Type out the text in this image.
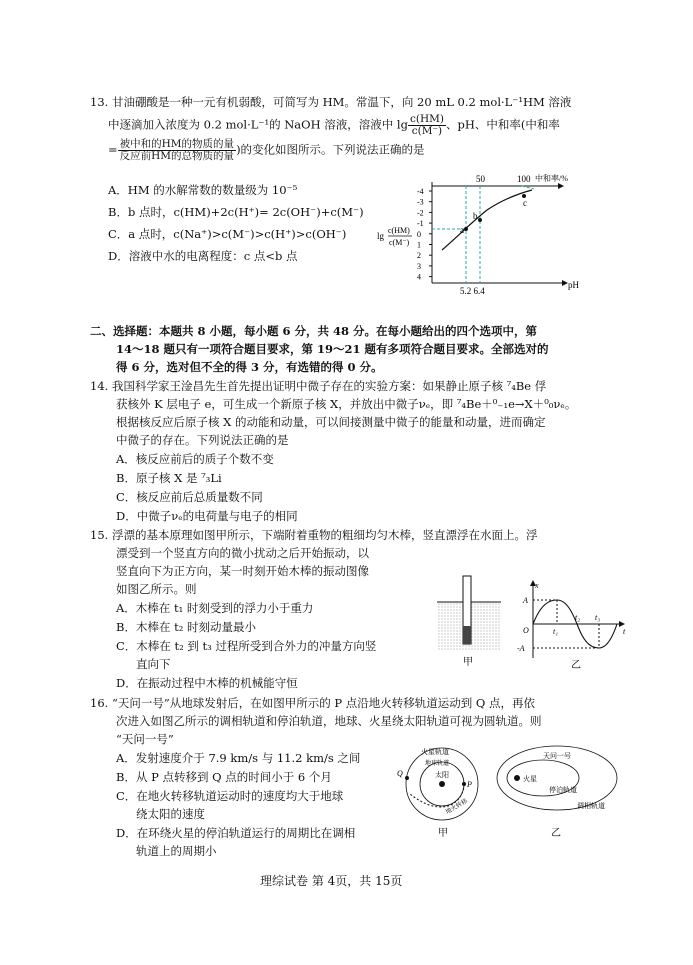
13. 甘油硼酸是一种一元有机弱酸，可简写为 HM。常温下，向 20 mL 0.2 mol·L⁻¹HM 溶液
中逐滴加入浓度为 0.2 mol·L⁻¹的 NaOH 溶液，溶液中 $\lg \frac{c(HM)}{c(M^-)}$ 、pH、中和率(中和率
= $\frac{\text{被中和的HM的物质的量}}{\text{反应前HM的总物质的量}}$ )的变化如图所示。下列说法正确的是
A．HM 的水解常数的数量级为 10⁻⁵
B．b 点时，c(HM)+2c(H⁺)= 2c(OH⁻)+c(M⁻)
C．a 点时，c(Na⁺)>c(M⁻)>c(H⁺)>c(OH⁻)
D．溶液中水的电离程度：c 点<b 点
-4
-3
-2
-1
0
1
2
3
4
a
b
c
50	100 中和率/%
5.2 6.4
pH
lg
c(HM)
c(M⁻)
二、选择题：本题共 8 小题，每小题 6 分，共 48 分。在每小题给出的四个选项中，第
14～18 题只有一项符合题目要求，第 19～21 题有多项符合题目要求。全部选对的
得 6 分，选对但不全的得 3 分，有选错的得 0 分。
14. 我国科学家王淦昌先生首先提出证明中微子存在的实验方案：如果静止原子核 ⁷₄Be 俘
获核外 K 层电子 e，可生成一个新原子核 X，并放出中微子νₑ，即 ⁷₄Be＋⁰₋₁e→X＋⁰₀νₑ。
根据核反应后原子核 X 的动能和动量，可以间接测量中微子的能量和动量，进而确定
中微子的存在。下列说法正确的是
A．核反应前后的质子个数不变
B．原子核 X 是 ⁷₃Li
C．核反应前后总质量数不同
D．中微子νₑ的电荷量与电子的相同
15. 浮漂的基本原理如图甲所示，下端附着重物的粗细均匀木棒，竖直漂浮在水面上。浮
漂受到一个竖直方向的微小扰动之后开始振动，以
竖直向下为正方向，某一时刻开始木棒的振动图像
如图乙所示。则
A．木棒在 t₁ 时刻受到的浮力小于重力
B．木棒在 t₂ 时刻动量最小
C．木棒在 t₂ 到 t₃ 过程所受到合外力的冲量方向竖
直向下
D．在振动过程中木棒的机械能守恒
甲
x
A
-A
O	t
t₁
t₂ t₃
乙
16. “天问一号”从地球发射后，在如图甲所示的 P 点沿地火转移轨道运动到 Q 点，再依
次进入如图乙所示的调相轨道和停泊轨道，地球、火星绕太阳轨道可视为圆轨道。则
“天问一号”
A．发射速度介于 7.9 km/s 与 11.2 km/s 之间
B．从 P 点转移到 Q 点的时间小于 6 个月
C．在地火转移轨道运动时的速度均大于地球
绕太阳的速度
D．在环绕火星的停泊轨道运行的周期比在调相
轨道上的周期小
太阳
P
Q
火星轨道
地球轨道
地火转移
甲
火星
天问一号
停泊轨道
调相轨道
乙
理综试卷 第 4页，共 15页
